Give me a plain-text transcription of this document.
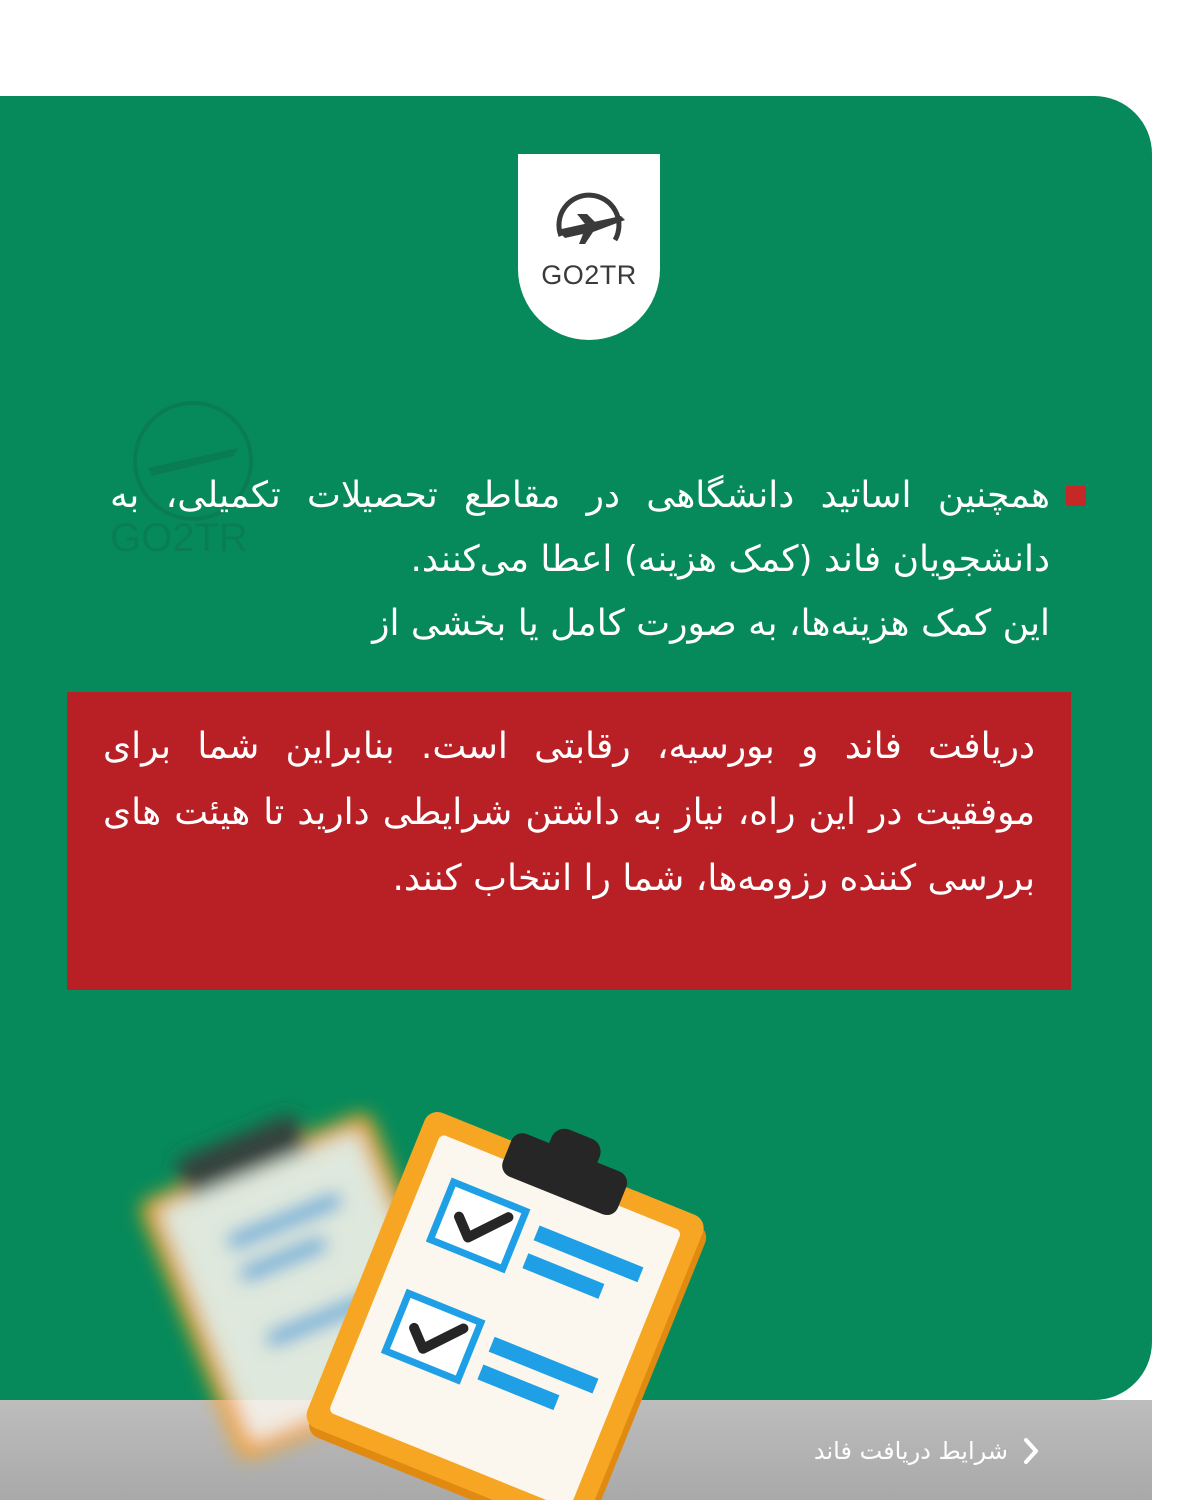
GO2TR
GO2TR

همچنین اساتید دانشگاهی در مقاطع تحصیلات تکمیلی، به دانشجویان فاند (کمک هزینه) اعطا می‌کنند.

این کمک هزینه‌ها، به صورت کامل یا بخشی از

شرایط دریافت فاند

دریافت فاند و بورسیه، رقابتی است. بنابراین شما برای موفقیت در این راه، نیاز به داشتن شرایطی دارید تا هیئت های بررسی کننده رزومه‌ها، شما را انتخاب کنند.
